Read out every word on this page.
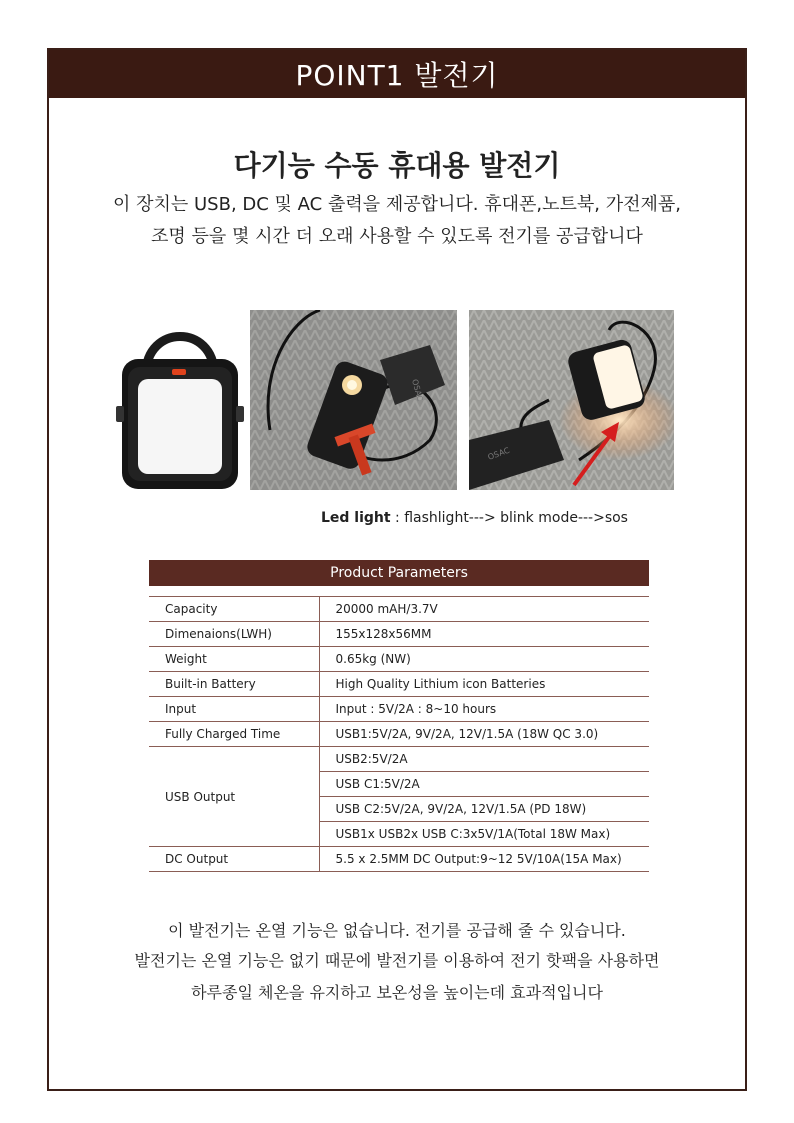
POINT1 발전기
다기능 수동 휴대용 발전기
이 장치는 USB, DC 및 AC 출력을 제공합니다. 휴대폰,노트북, 가전제품,
조명 등을 몇 시간 더 오래 사용할 수 있도록 전기를 공급합니다
OSAC
OSAC
Led light : flashlight---> blink mode--->sos
Product Parameters
Capacity	20000 mAH/3.7V
Dimenaions(LWH)	155x128x56MM
Weight	0.65kg (NW)
Built-in Battery	High Quality Lithium icon Batteries
Input	Input : 5V/2A : 8~10 hours
Fully Charged Time	USB1:5V/2A, 9V/2A, 12V/1.5A (18W QC 3.0)
USB Output	USB2:5V/2A
	USB C1:5V/2A
	USB C2:5V/2A, 9V/2A, 12V/1.5A (PD 18W)
	USB1x USB2x USB C:3x5V/1A(Total 18W Max)
DC Output	5.5 x 2.5MM DC Output:9~12 5V/10A(15A Max)
이 발전기는 온열 기능은 없습니다. 전기를 공급해 줄 수 있습니다.
발전기는 온열 기능은 없기 때문에 발전기를 이용하여 전기 핫팩을 사용하면
하루종일 체온을 유지하고 보온성을 높이는데 효과적입니다
